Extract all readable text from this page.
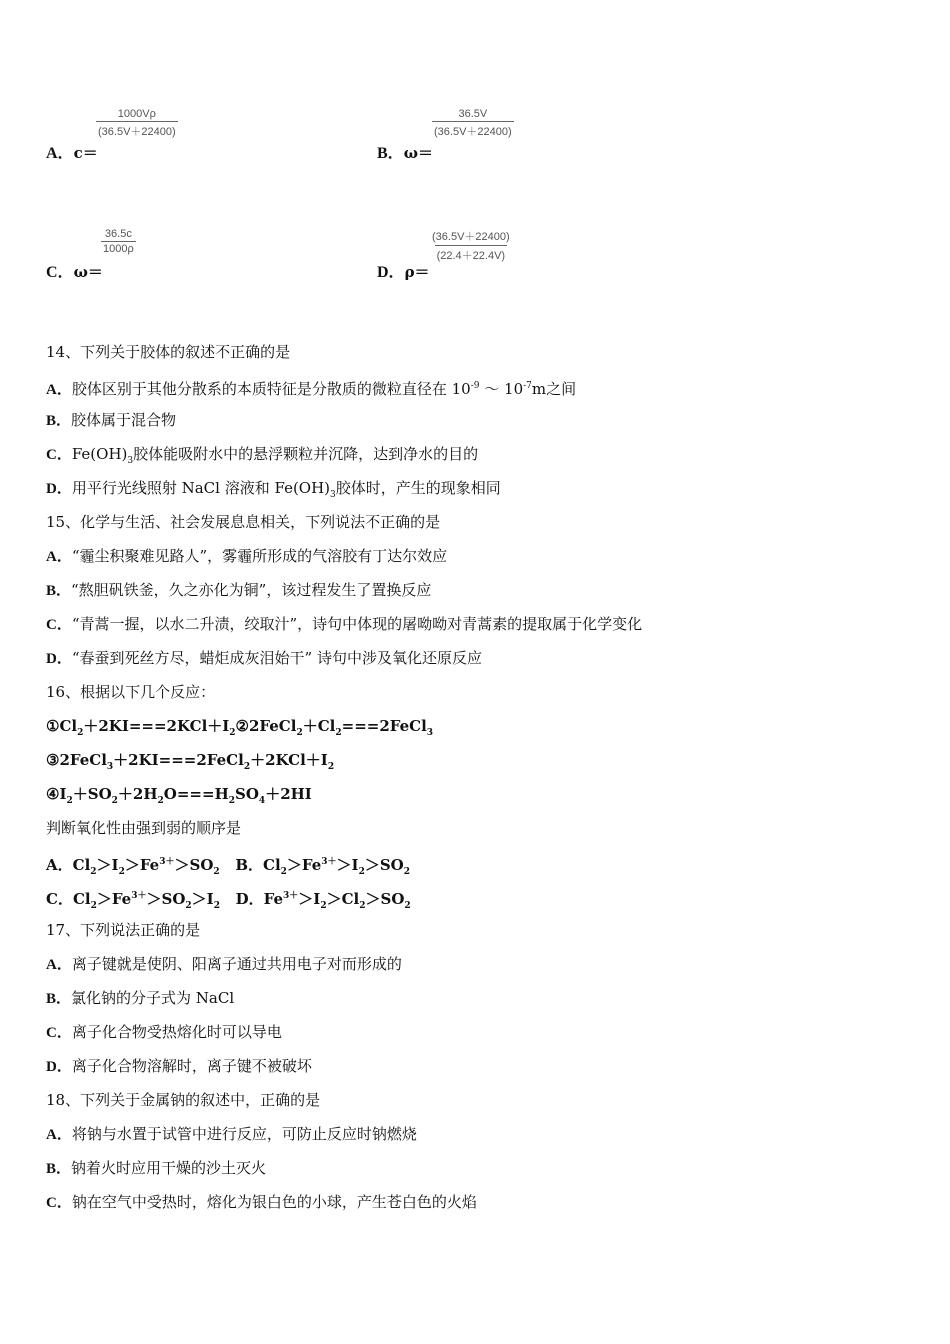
$\frac{1000V\rho}{(36.5V+22400)}$
A．c＝
$\frac{36.5V}{(36.5V+22400)}$
B．ω＝
$\frac{36.5c}{1000\rho}$
C．ω＝
$\frac{(36.5V+22400)}{(22.4+22.4V)}$
D．ρ＝
14、下列关于胶体的叙述不正确的是
A．胶体区别于其他分散系的本质特征是分散质的微粒直径在 $10^{-9}$ ～ $10^{-7}m$之间
B．胶体属于混合物
C．$Fe(OH)_3$胶体能吸附水中的悬浮颗粒并沉降，达到净水的目的
D．用平行光线照射 NaCl 溶液和 $Fe(OH)_3$胶体时，产生的现象相同
15、化学与生活、社会发展息息相关，下列说法不正确的是
A．“霾尘积聚难见路人”，雾霾所形成的气溶胶有丁达尔效应
B．“熬胆矾铁釜，久之亦化为铜”，该过程发生了置换反应
C．“青蒿一握，以水二升渍，绞取汁”，诗句中体现的屠呦呦对青蒿素的提取属于化学变化
D．“春蚕到死丝方尽，蜡炬成灰泪始干” 诗句中涉及氧化还原反应
16、根据以下几个反应：
$①Cl_2+2KI===2KCl+I_2②2FeCl_2+Cl_2===2FeCl_3$
$③2FeCl_3+2KI===2FeCl_2+2KCl+I_2$
$④I_2+SO_2+2H_2O===H_2SO_4+2HI$
判断氧化性由强到弱的顺序是
A．$Cl_2>I_2>Fe^{3+}>SO_2$   B．$Cl_2>Fe^{3+}>I_2>SO_2$
C．$Cl_2>Fe^{3+}>SO_2>I_2$   D．$Fe^{3+}>I_2>Cl_2>SO_2$
17、下列说法正确的是
A．离子键就是使阴、阳离子通过共用电子对而形成的
B．氯化钠的分子式为 NaCl
C．离子化合物受热熔化时可以导电
D．离子化合物溶解时，离子键不被破坏
18、下列关于金属钠的叙述中，正确的是
A．将钠与水置于试管中进行反应，可防止反应时钠燃烧
B．钠着火时应用干燥的沙土灭火
C．钠在空气中受热时，熔化为银白色的小球，产生苍白色的火焰
